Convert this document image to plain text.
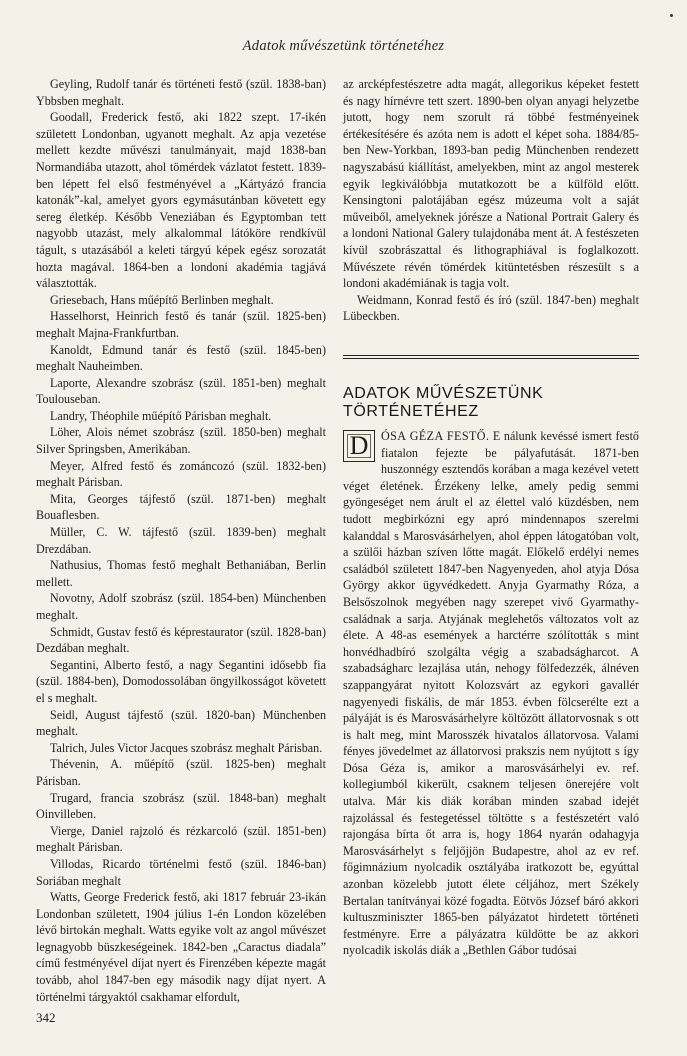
Adatok művészetünk történetéhez

Geyling, Rudolf tanár és történeti festő (szül. 1838-ban) Ybbsben meghalt.

Goodall, Frederick festő, aki 1822 szept. 17-ikén született Londonban, ugyanott meghalt. Az apja vezetése mellett kezdte művészi tanulmányait, majd 1838-ban Normandiába utazott, ahol tömérdek vázlatot festett. 1839-ben lépett fel első festményével a „Kártyázó francia katonák”-kal, amelyet gyors egymásutánban követett egy sereg életkép. Később Veneziában és Egyptomban tett nagyobb utazást, mely alkalommal látóköre rendkívül tágult, s utazásából a keleti tárgyú képek egész sorozatát hozta magával. 1864-ben a londoni akadémia tagjává választották.

Griesebach, Hans műépítő Berlinben meghalt.

Hasselhorst, Heinrich festő és tanár (szül. 1825-ben) meghalt Majna-Frankfurtban.

Kanoldt, Edmund tanár és festő (szül. 1845-ben) meghalt Nauheimben.

Laporte, Alexandre szobrász (szül. 1851-ben) meghalt Toulouseban.

Landry, Théophile műépítő Párisban meghalt.

Löher, Alois német szobrász (szül. 1850-ben) meghalt Silver Springsben, Amerikában.

Meyer, Alfred festő és zománcozó (szül. 1832-ben) meghalt Párisban.

Mita, Georges tájfestő (szül. 1871-ben) meghalt Bouaflesben.

Müller, C. W. tájfestő (szül. 1839-ben) meghalt Drezdában.

Nathusius, Thomas festő meghalt Bethaniában, Berlin mellett.

Novotny, Adolf szobrász (szül. 1854-ben) Münchenben meghalt.

Schmidt, Gustav festő és képrestaurator (szül. 1828-ban) Dezdában meghalt.

Segantini, Alberto festő, a nagy Segantini idősebb fia (szül. 1884-ben), Domodossolában öngyilkosságot követett el s meghalt.

Seidl, August tájfestő (szül. 1820-ban) Münchenben meghalt.

Talrich, Jules Victor Jacques szobrász meghalt Párisban.

Thévenin, A. műépítő (szül. 1825-ben) meghalt Párisban.

Trugard, francia szobrász (szül. 1848-ban) meghalt Oinvilleben.

Vierge, Daniel rajzoló és rézkarcoló (szül. 1851-ben) meghalt Párisban.

Villodas, Ricardo történelmi festő (szül. 1846-ban) Soriában meghalt

Watts, George Frederick festő, aki 1817 február 23-ikán Londonban született, 1904 július 1-én London közelében lévő birtokán meghalt. Watts egyike volt az angol művészet legnagyobb büszkeségeinek. 1842-ben „Caractus diadala” című festményével díjat nyert és Firenzében képezte magát tovább, ahol 1847-ben egy második nagy díjat nyert. A történelmi tárgyaktól csakhamar elfordult,

az arcképfestészetre adta magát, allegorikus képeket festett és nagy hírnévre tett szert. 1890-ben olyan anyagi helyzetbe jutott, hogy nem szorult rá többé festményeinek értékesítésére és azóta nem is adott el képet soha. 1884/85-ben New-Yorkban, 1893-ban pedig Münchenben rendezett nagyszabású kiállítást, amelyekben, mint az angol mesterek egyik legkiválóbbja mutatkozott be a külföld előtt. Kensingtoni palotájában egész múzeuma volt a saját műveiből, amelyeknek jórésze a National Portrait Galery és a londoni National Galery tulajdonába ment át. A festészeten kívül szobrászattal és lithographiával is foglalkozott. Művészete révén tömérdek kitüntetésben részesült s a londoni akadémiának is tagja volt.

Weidmann, Konrad festő és író (szül. 1847-ben) meghalt Lübeckben.

ADATOK MŰVÉSZETÜNK TÖRTÉNETÉHEZ

D	ÓSA GÉZA FESTŐ. E nálunk kevéssé ismert festő fiatalon fejezte be pályafutását. 1871-ben huszonnégy esztendős korában a maga kezével vetett véget életének. Érzékeny lelke, amely pedig semmi gyöngeséget nem árult el az élettel való küzdésben, nem tudott megbirkózni egy apró mindennapos szerelmi kalanddal s Marosvásárhelyen, ahol éppen látogatóban volt, a szülői házban szíven lőtte magát. Előkelő erdélyi nemes családból született 1847-ben Nagyenyeden, ahol atyja Dósa György akkor ügyvédkedett. Anyja Gyarmathy Róza, a Belsőszolnok megyében nagy szerepet vivő Gyarmathy-családnak a sarja. Atyjának meglehetős változatos volt az élete. A 48-as események a harctérre szólították s mint honvédhadbíró szolgálta végig a szabadságharcot. A szabadságharc lezajlása után, nehogy fölfedezzék, álnéven szappangyárat nyitott Kolozsvárt az egykori gavallér nagyenyedi fiskális, de már 1853. évben fölcserélte ezt a pályáját is és Marosvásárhelyre költözött állatorvosnak s ott is halt meg, mint Marosszék hivatalos állatorvosa. Valami fényes jövedelmet az állatorvosi prakszis nem nyújtott s így Dósa Géza is, amikor a marosvásárhelyi ev. ref. kollegiumból kikerült, csaknem teljesen önerejére volt utalva. Már kis diák korában minden szabad idejét rajzolással és festegetéssel töltötte s a festészetért való rajongása bírta őt arra is, hogy 1864 nyarán odahagyja Marosvásárhelyt s feljőjjön Budapestre, ahol az ev ref. főgimnázium nyolcadik osztályába iratkozott be, egyúttal azonban közelebb jutott élete céljához, mert Székely Bertalan tanítványai közé fogadta. Eötvös József báró akkori kultuszminiszter 1865-ben pályázatot hirdetett történeti festményre. Erre a pályázatra küldötte be az akkori nyolcadik iskolás diák a „Bethlen Gábor tudósai

342
